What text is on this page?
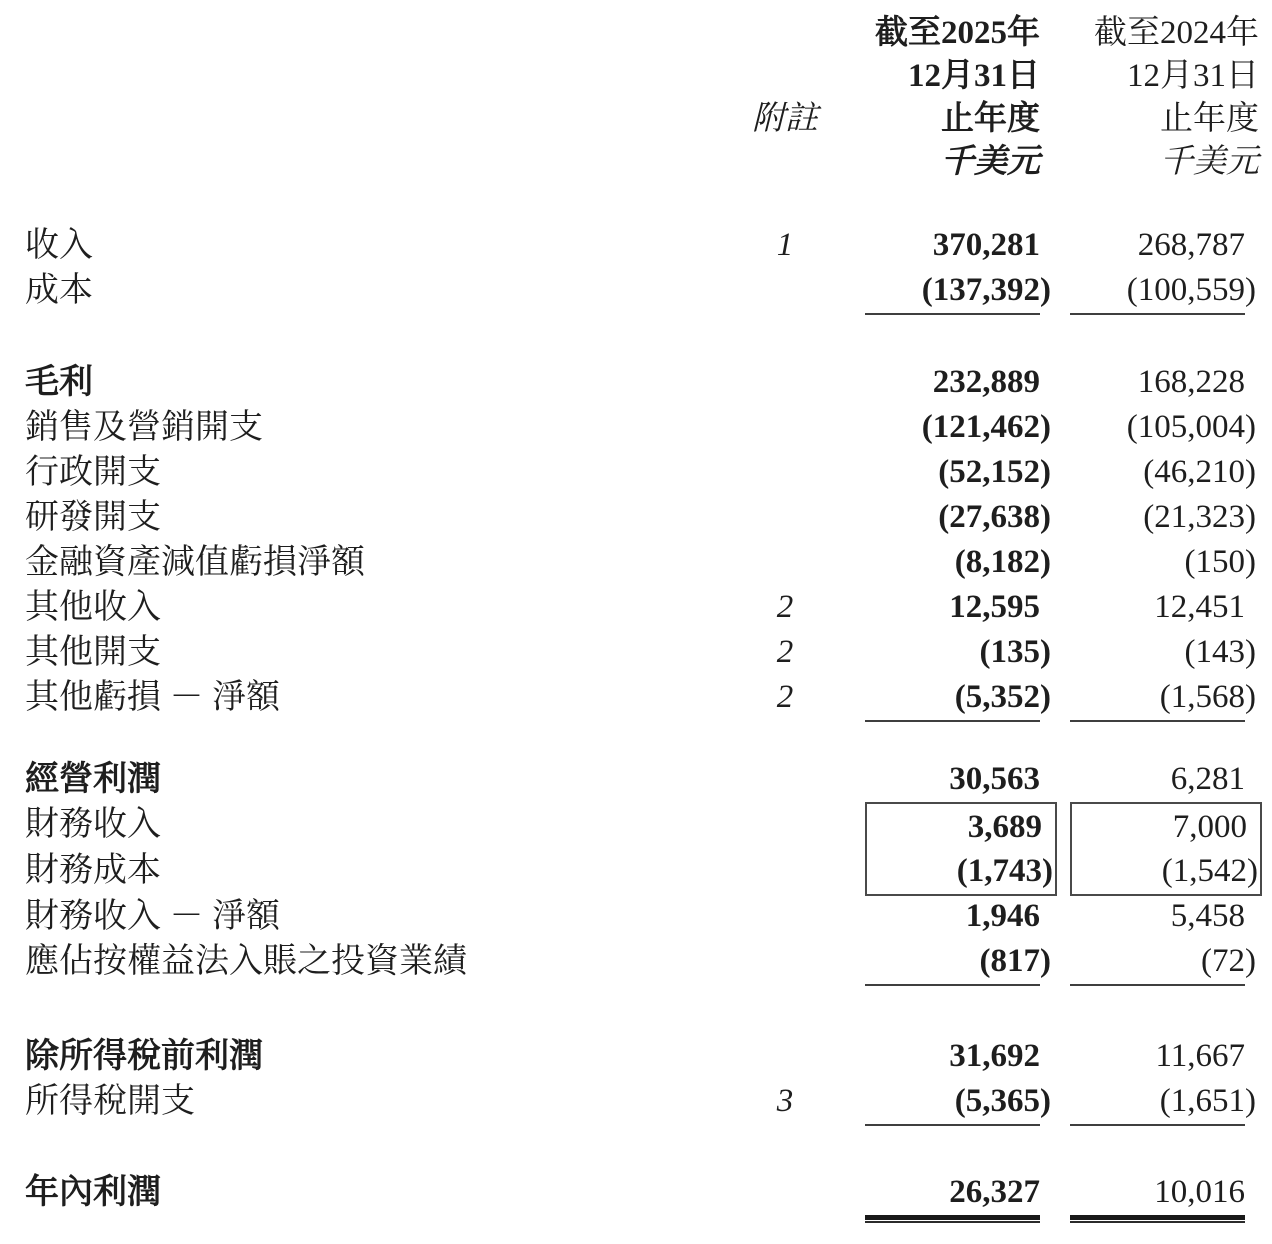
附註
截至2025年
12月31日
止年度
千美元
截至2024年
12月31日
止年度
千美元
收入	1	370,281	268,787
成本	(137,392)	(100,559)
毛利	232,889	168,228
銷售及營銷開支	(121,462)	(105,004)
行政開支	(52,152)	(46,210)
研發開支	(27,638)	(21,323)
金融資產減值虧損淨額	(8,182)	(150)
其他收入	2	12,595	12,451
其他開支	2	(135)	(143)
其他虧損 － 淨額	2	(5,352)	(1,568)
經營利潤	30,563	6,281
財務收入	3,689	7,000
財務成本	(1,743)	(1,542)
財務收入 － 淨額	1,946	5,458
應佔按權益法入賬之投資業績	(817)	(72)
除所得稅前利潤	31,692	11,667
所得稅開支	3	(5,365)	(1,651)
年內利潤	26,327	10,016
